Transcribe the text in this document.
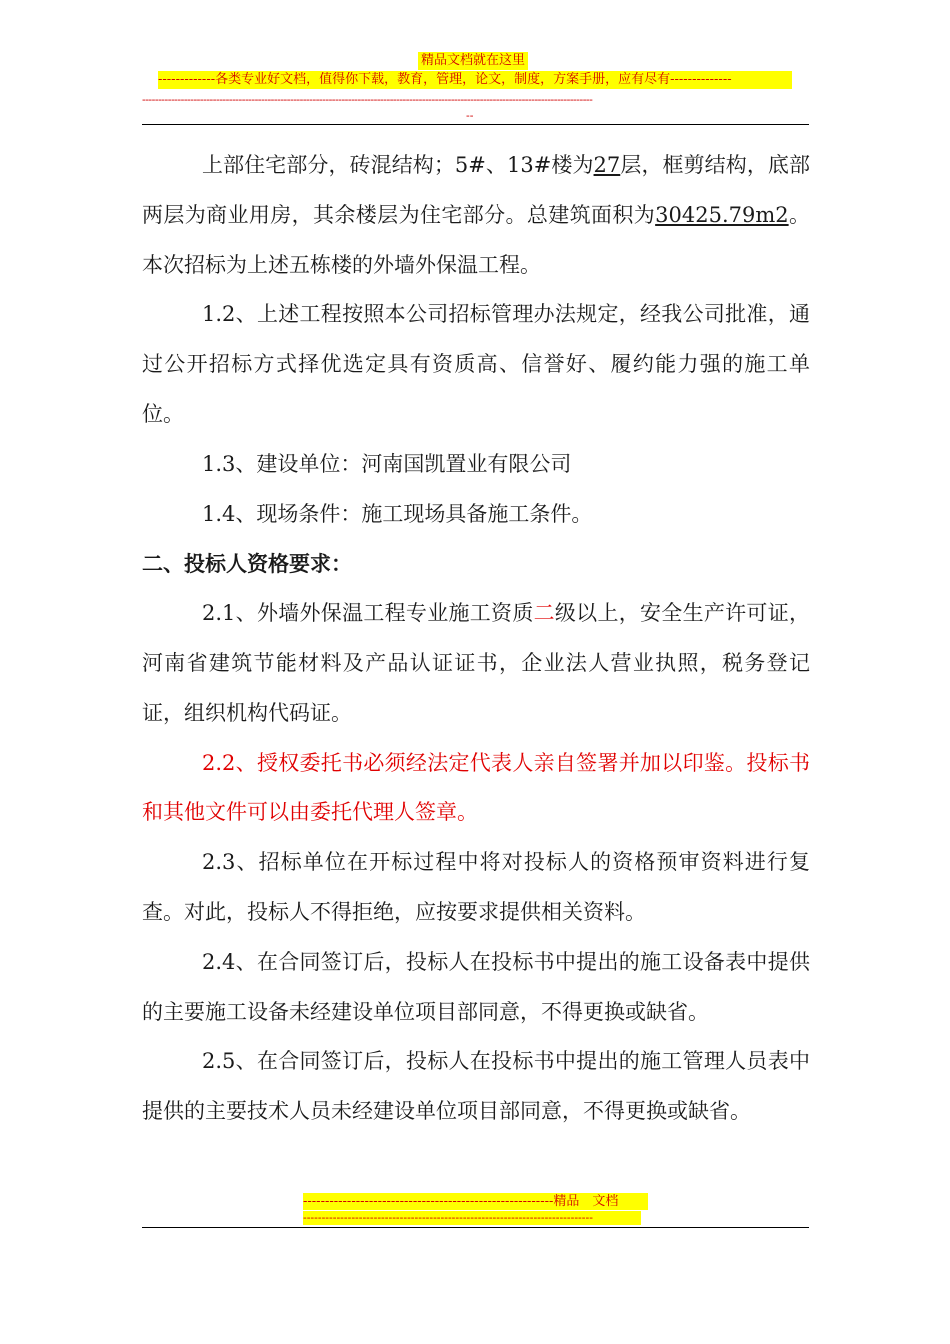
精品文档就在这里
-------------各类专业好文档，值得你下载，教育，管理，论文，制度，方案手册，应有尽有--------------
--------------------------------------------------------------------------------------------------------------------------------------------
--

上部住宅部分，砖混结构；5#、13#楼为27层，框剪结构，底部两层为商业用房，其余楼层为住宅部分。总建筑面积为30425.79m2。本次招标为上述五栋楼的外墙外保温工程。

1.2、上述工程按照本公司招标管理办法规定，经我公司批准，通过公开招标方式择优选定具有资质高、信誉好、履约能力强的施工单位。

1.3、建设单位：河南国凯置业有限公司

1.4、现场条件：施工现场具备施工条件。

二、投标人资格要求：

2.1、外墙外保温工程专业施工资质二级以上，安全生产许可证，河南省建筑节能材料及产品认证证书，企业法人营业执照，税务登记证，组织机构代码证。

2.2、授权委托书必须经法定代表人亲自签署并加以印鉴。投标书和其他文件可以由委托代理人签章。

2.3、招标单位在开标过程中将对投标人的资格预审资料进行复查。对此，投标人不得拒绝，应按要求提供相关资料。

2.4、在合同签订后，投标人在投标书中提出的施工设备表中提供的主要施工设备未经建设单位项目部同意，不得更换或缺省。

2.5、在合同签订后，投标人在投标书中提出的施工管理人员表中提供的主要技术人员未经建设单位项目部同意，不得更换或缺省。

---------------------------------------------------------精品　文档
------------------------------------------------------------------------------
